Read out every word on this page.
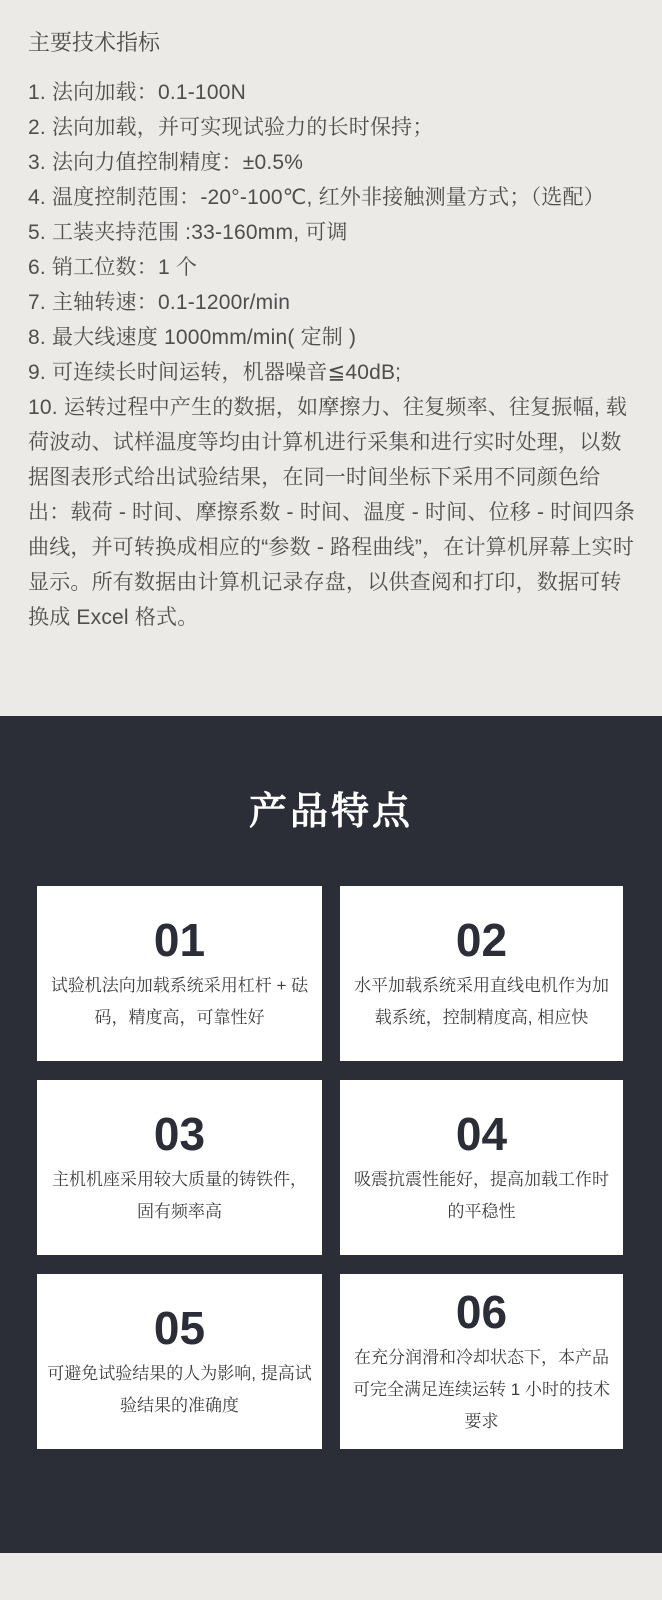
主要技术指标
1. 法向加载：0.1-100N
2. 法向加载，并可实现试验力的长时保持；
3. 法向力值控制精度：±0.5%
4. 温度控制范围：-20°-100℃, 红外非接触测量方式；（选配）
5. 工装夹持范围 :33-160mm, 可调
6. 销工位数：1 个
7. 主轴转速：0.1-1200r/min
8. 最大线速度 1000mm/min( 定制 )
9. 可连续长时间运转，机器噪音≦40dB;
10. 运转过程中产生的数据，如摩擦力、往复频率、往复振幅, 载荷波动、试样温度等均由计算机进行采集和进行实时处理，以数据图表形式给出试验结果，在同一时间坐标下采用不同颜色给出：载荷 - 时间、摩擦系数 - 时间、温度 - 时间、位移 - 时间四条曲线，并可转换成相应的“参数 - 路程曲线”，在计算机屏幕上实时显示。所有数据由计算机记录存盘，以供查阅和打印，数据可转换成 Excel 格式。
产品特点
01
试验机法向加载系统采用杠杆 + 砝码，精度高，可靠性好
02
水平加载系统采用直线电机作为加载系统，控制精度高, 相应快
03
主机机座采用较大质量的铸铁件，固有频率高
04
吸震抗震性能好，提高加载工作时的平稳性
05
可避免试验结果的人为影响, 提高试验结果的准确度
06
在充分润滑和冷却状态下，本产品可完全满足连续运转 1 小时的技术要求
